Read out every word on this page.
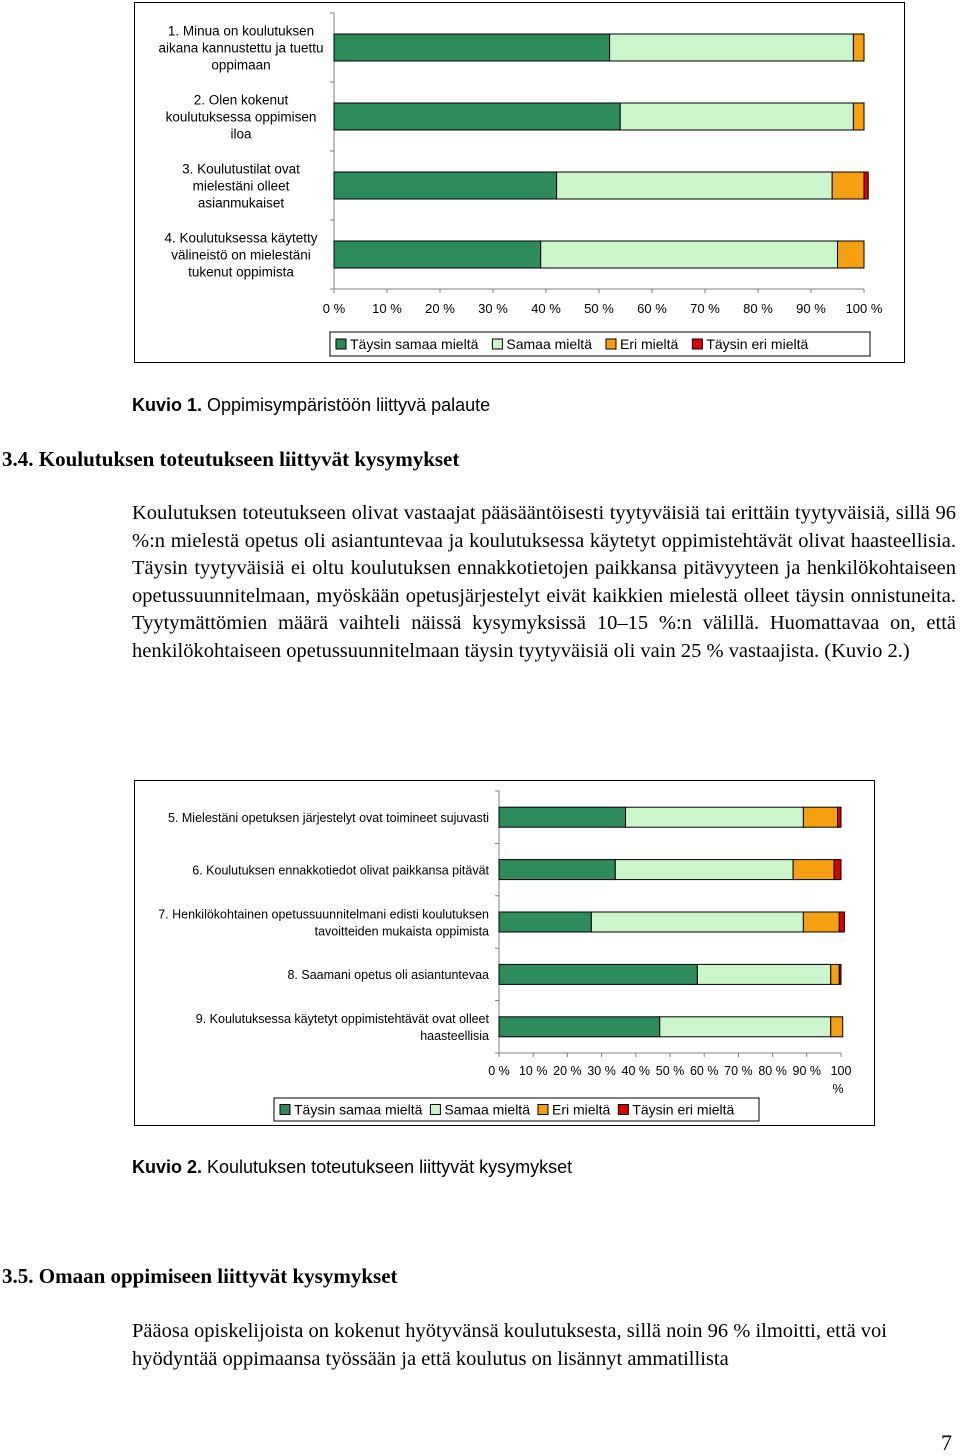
0 % 10 % 20 % 30 % 40 % 50 % 60 % 70 % 80 % 90 % 100 %
1. Minua on koulutuksen
aikana kannustettu ja tuettu
oppimaan
2. Olen kokenut
koulutuksessa oppimisen
iloa
3. Koulutustilat ovat
mielestäni olleet
asianmukaiset
4. Koulutuksessa käytetty
välineistö on mielestäni
tukenut oppimista
Täysin samaa mieltä Samaa mieltä Eri mieltä Täysin eri mieltä
Kuvio 1. Oppimisympäristöön liittyvä palaute
3.4. Koulutuksen toteutukseen liittyvät kysymykset
Koulutuksen toteutukseen olivat vastaajat pääsääntöisesti tyytyväisiä tai erittäin tyytyväisiä, sillä 96 %:n mielestä opetus oli asiantuntevaa ja koulutuksessa käytetyt oppimistehtävät olivat haasteellisia. Täysin tyytyväisiä ei oltu koulutuksen ennakkotietojen paikkansa pitävyyteen ja henkilökohtaiseen opetussuunnitelmaan, myöskään opetusjärjestelyt eivät kaikkien mielestä olleet täysin onnistuneita. Tyytymättömien määrä vaihteli näissä kysymyksissä 10–15 %:n välillä. Huomattavaa on, että henkilökohtaiseen opetussuunnitelmaan täysin tyytyväisiä oli vain 25 % vastaajista. (Kuvio 2.)
0 % 10 % 20 % 30 % 40 % 50 % 60 % 70 % 80 % 90 % 100
%
5. Mielestäni opetuksen järjestelyt ovat toimineet sujuvasti
6. Koulutuksen ennakkotiedot olivat paikkansa pitävät
7. Henkilökohtainen opetussuunnitelmani edisti koulutuksen
tavoitteiden mukaista oppimista
8. Saamani opetus oli asiantuntevaa
9. Koulutuksessa käytetyt oppimistehtävät ovat olleet
haasteellisia
Täysin samaa mieltä Samaa mieltä Eri mieltä Täysin eri mieltä
Kuvio 2. Koulutuksen toteutukseen liittyvät kysymykset
3.5. Omaan oppimiseen liittyvät kysymykset
Pääosa opiskelijoista on kokenut hyötyvänsä koulutuksesta, sillä noin 96 % ilmoitti, että voi hyödyntää oppimaansa työssään ja että koulutus on lisännyt ammatillista
7
